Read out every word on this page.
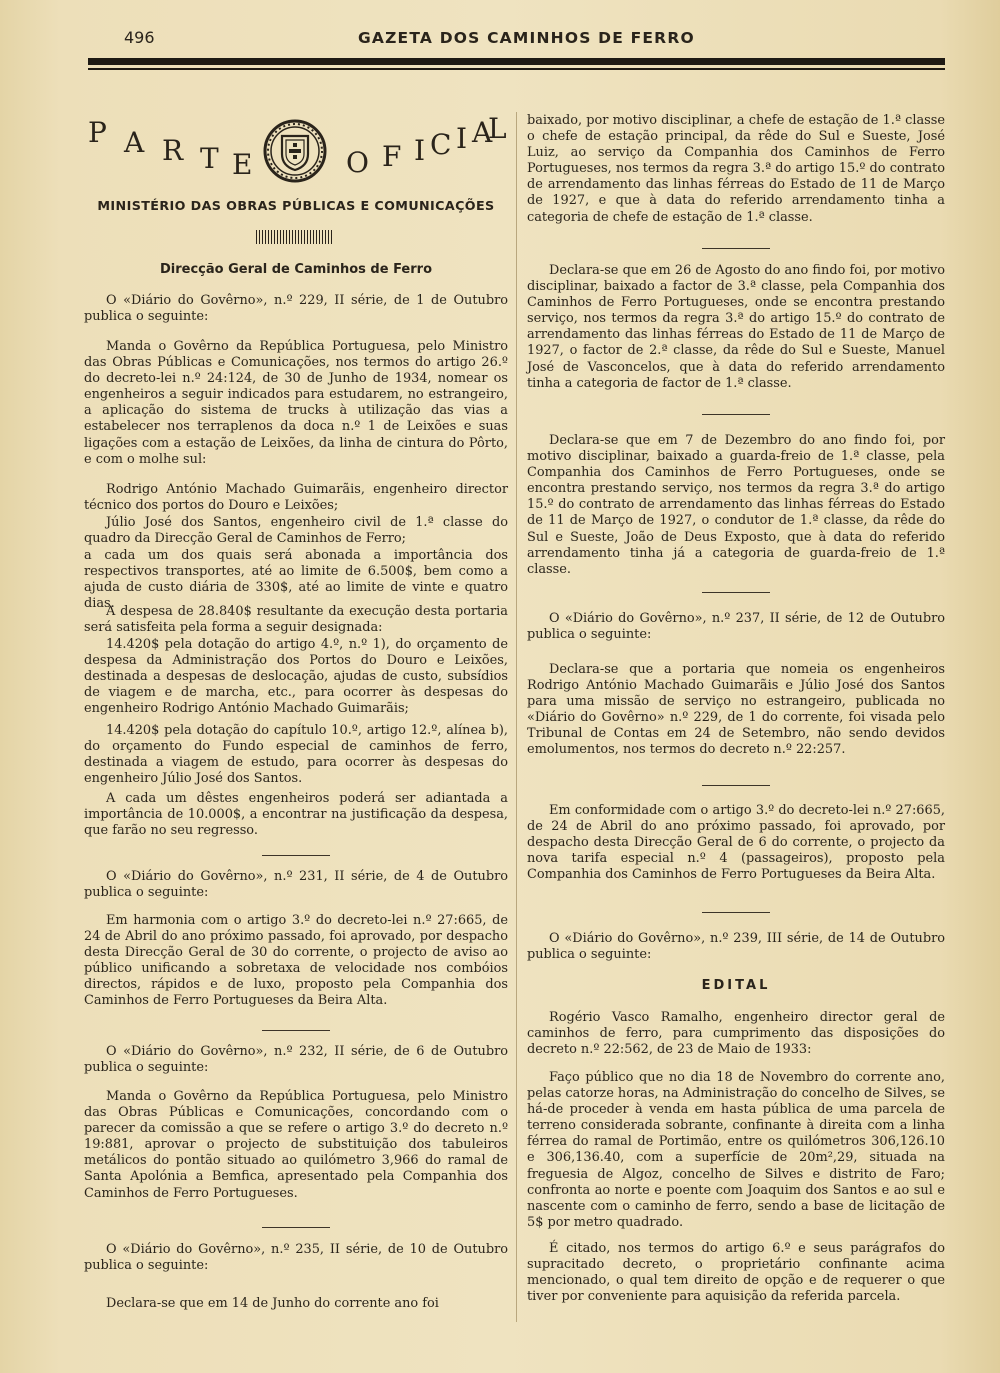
496	GAZETA DOS CAMINHOS DE FERRO
P A R T E	O F I C I A
L
MINISTÉRIO DAS OBRAS PÚBLICAS E COMUNICAÇÕES
Direcção Geral de Caminhos de Ferro

O «Diário do Govêrno», n.º 229, II série, de 1 de Outubro publica o seguinte:

Manda o Govêrno da República Portuguesa, pelo Ministro das Obras Públicas e Comunicações, nos termos do artigo 26.º do decreto-lei n.º 24:124, de 30 de Junho de 1934, nomear os engenheiros a seguir indicados para estudarem, no estrangeiro, a aplicação do sistema de trucks à utilização das vias a estabelecer nos terraplenos da doca n.º 1 de Leixões e suas ligações com a estação de Leixões, da linha de cintura do Pôrto, e com o molhe sul:

Rodrigo António Machado Guimarãis, engenheiro director técnico dos portos do Douro e Leixões;

Júlio José dos Santos, engenheiro civil de 1.ª classe do quadro da Direcção Geral de Caminhos de Ferro;

a cada um dos quais será abonada a importância dos respectivos transportes, até ao limite de 6.500$, bem como a ajuda de custo diária de 330$, até ao limite de vinte e quatro dias.

A despesa de 28.840$ resultante da execução desta portaria será satisfeita pela forma a seguir designada:

14.420$ pela dotação do artigo 4.º, n.º 1), do orçamento de despesa da Administração dos Portos do Douro e Leixões, destinada a despesas de deslocação, ajudas de custo, subsídios de viagem e de marcha, etc., para ocorrer às despesas do engenheiro Rodrigo António Machado Guimarãis;

14.420$ pela dotação do capítulo 10.º, artigo 12.º, alínea b), do orçamento do Fundo especial de caminhos de ferro, destinada a viagem de estudo, para ocorrer às despesas do engenheiro Júlio José dos Santos.

A cada um dêstes engenheiros poderá ser adiantada a importância de 10.000$, a encontrar na justificação da despesa, que farão no seu regresso.

O «Diário do Govêrno», n.º 231, II série, de 4 de Outubro publica o seguinte:

Em harmonia com o artigo 3.º do decreto-lei n.º 27:665, de 24 de Abril do ano próximo passado, foi aprovado, por despacho desta Direcção Geral de 30 do corrente, o projecto de aviso ao público unificando a sobretaxa de velocidade nos combóios directos, rápidos e de luxo, proposto pela Companhia dos Caminhos de Ferro Portugueses da Beira Alta.

O «Diário do Govêrno», n.º 232, II série, de 6 de Outubro publica o seguinte:

Manda o Govêrno da República Portuguesa, pelo Ministro das Obras Públicas e Comunicações, concordando com o parecer da comissão a que se refere o artigo 3.º do decreto n.º 19:881, aprovar o projecto de substituição dos tabuleiros metálicos do pontão situado ao quilómetro 3,966 do ramal de Santa Apolónia a Bemfica, apresentado pela Companhia dos Caminhos de Ferro Portugueses.

O «Diário do Govêrno», n.º 235, II série, de 10 de Outubro publica o seguinte:

Declara-se que em 14 de Junho do corrente ano foi

baixado, por motivo disciplinar, a chefe de estação de 1.ª classe o chefe de estação principal, da rêde do Sul e Sueste, José Luiz, ao serviço da Companhia dos Caminhos de Ferro Portugueses, nos termos da regra 3.ª do artigo 15.º do contrato de arrendamento das linhas férreas do Estado de 11 de Março de 1927, e que à data do referido arrendamento tinha a categoria de chefe de estação de 1.ª classe.

Declara-se que em 26 de Agosto do ano findo foi, por motivo disciplinar, baixado a factor de 3.ª classe, pela Companhia dos Caminhos de Ferro Portugueses, onde se encontra prestando serviço, nos termos da regra 3.ª do artigo 15.º do contrato de arrendamento das linhas férreas do Estado de 11 de Março de 1927, o factor de 2.ª classe, da rêde do Sul e Sueste, Manuel José de Vasconcelos, que à data do referido arrendamento tinha a categoria de factor de 1.ª classe.

Declara-se que em 7 de Dezembro do ano findo foi, por motivo disciplinar, baixado a guarda-freio de 1.ª classe, pela Companhia dos Caminhos de Ferro Portugueses, onde se encontra prestando serviço, nos termos da regra 3.ª do artigo 15.º do contrato de arrendamento das linhas férreas do Estado de 11 de Março de 1927, o condutor de 1.ª classe, da rêde do Sul e Sueste, João de Deus Exposto, que à data do referido arrendamento tinha já a categoria de guarda-freio de 1.ª classe.

O «Diário do Govêrno», n.º 237, II série, de 12 de Outubro publica o seguinte:

Declara-se que a portaria que nomeia os engenheiros Rodrigo António Machado Guimarãis e Júlio José dos Santos para uma missão de serviço no estrangeiro, publicada no «Diário do Govêrno» n.º 229, de 1 do corrente, foi visada pelo Tribunal de Contas em 24 de Setembro, não sendo devidos emolumentos, nos termos do decreto n.º 22:257.

Em conformidade com o artigo 3.º do decreto-lei n.º 27:665, de 24 de Abril do ano próximo passado, foi aprovado, por despacho desta Direcção Geral de 6 do corrente, o projecto da nova tarifa especial n.º 4 (passageiros), proposto pela Companhia dos Caminhos de Ferro Portugueses da Beira Alta.

O «Diário do Govêrno», n.º 239, III série, de 14 de Outubro publica o seguinte:

EDITAL

Rogério Vasco Ramalho, engenheiro director geral de caminhos de ferro, para cumprimento das disposições do decreto n.º 22:562, de 23 de Maio de 1933:

Faço público que no dia 18 de Novembro do corrente ano, pelas catorze horas, na Administração do concelho de Silves, se há-de proceder à venda em hasta pública de uma parcela de terreno considerada sobrante, confinante à direita com a linha férrea do ramal de Portimão, entre os quilómetros 306,126.10 e 306,136.40, com a superfície de 20m²,29, situada na freguesia de Algoz, concelho de Silves e distrito de Faro; confronta ao norte e poente com Joaquim dos Santos e ao sul e nascente com o caminho de ferro, sendo a base de licitação de 5$ por metro quadrado.

É citado, nos termos do artigo 6.º e seus parágrafos do supracitado decreto, o proprietário confinante acima mencionado, o qual tem direito de opção e de requerer o que tiver por conveniente para aquisição da referida parcela.
